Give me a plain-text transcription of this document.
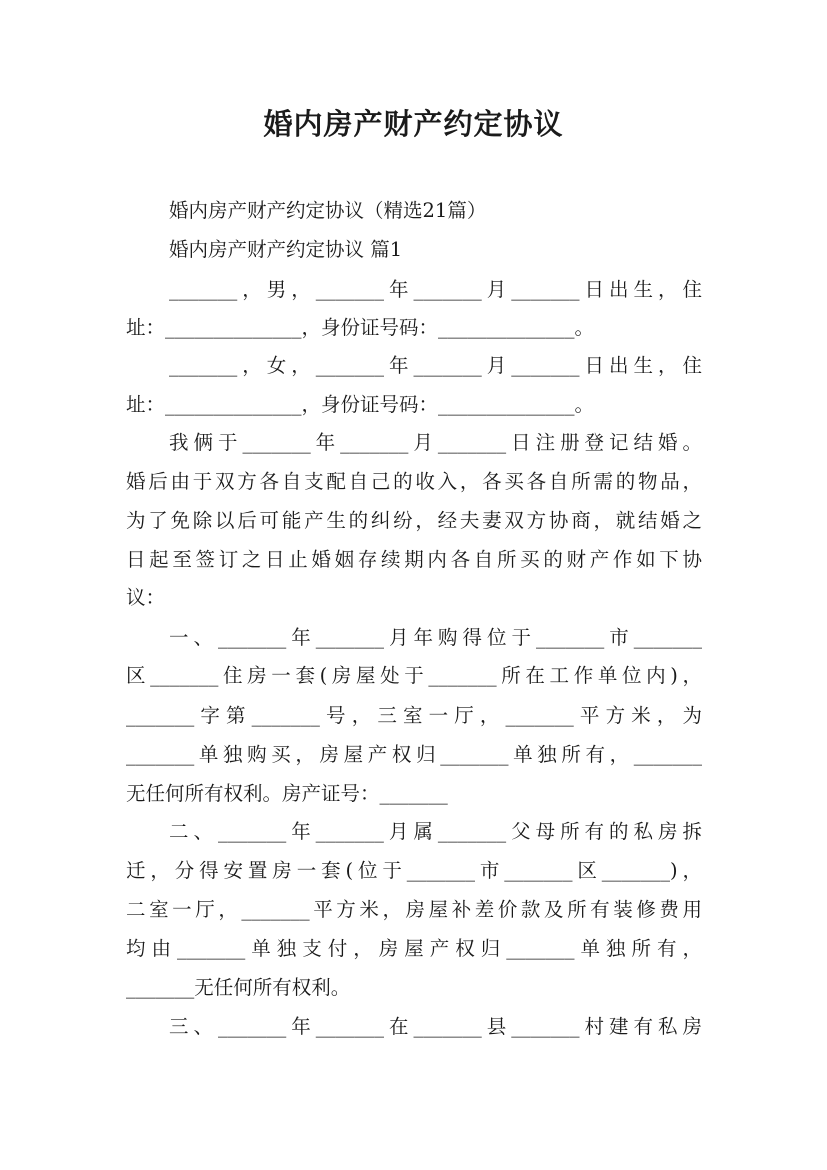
婚内房产财产约定协议
婚内房产财产约定协议（精选21篇）
婚内房产财产约定协议 篇1
_______，男，_______年_______月_______日出生，住
址：______________，身份证号码：______________。
_______，女，_______年_______月_______日出生，住
址：______________，身份证号码：______________。
我俩于_______年_______月_______日注册登记结婚。
婚后由于双方各自支配自己的收入，各买各自所需的物品，
为了免除以后可能产生的纠纷，经夫妻双方协商，就结婚之
日起至签订之日止婚姻存续期内各自所买的财产作如下协
议：
一、_______年_______月年购得位于_______市_______
区_______住房一套(房屋处于_______所在工作单位内)，
_______字第_______号，三室一厅，_______平方米，为
_______单独购买，房屋产权归_______单独所有，_______
无任何所有权利。房产证号：_______
二、_______年_______月属_______父母所有的私房拆
迁，分得安置房一套(位于_______市_______区_______)，
二室一厅，_______平方米，房屋补差价款及所有装修费用
均由_______单独支付，房屋产权归_______单独所有，
_______无任何所有权利。
三、_______年_______在_______县_______村建有私房
